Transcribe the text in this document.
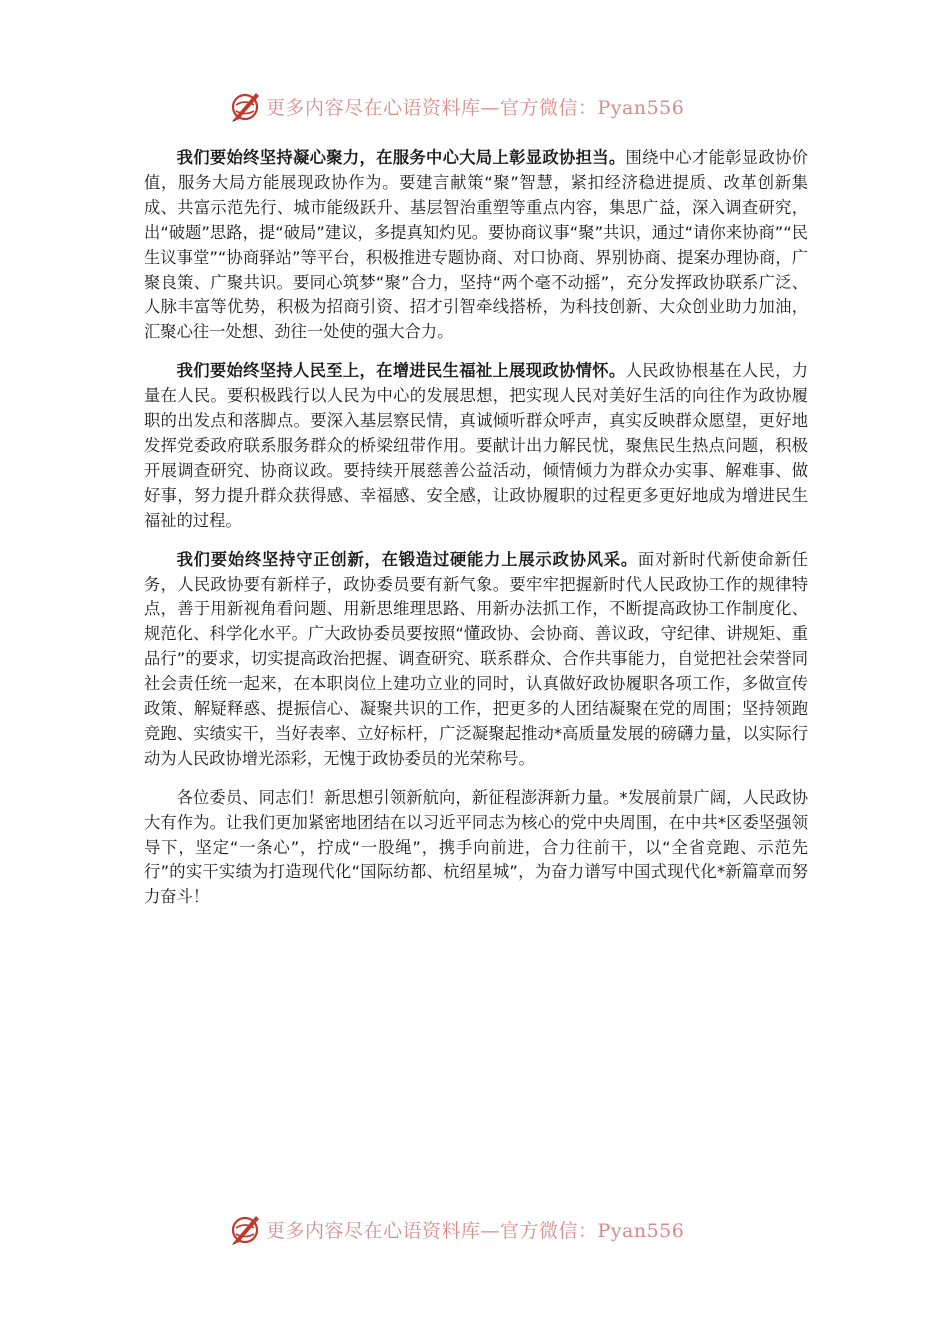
更多内容尽在心语资料库—官方微信：Pyan556

我们要始终坚持凝心聚力，在服务中心大局上彰显政协担当。围绕中心才能彰显政协价值，服务大局方能展现政协作为。要建言献策“聚”智慧，紧扣经济稳进提质、改革创新集成、共富示范先行、城市能级跃升、基层智治重塑等重点内容，集思广益，深入调查研究，出“破题”思路，提“破局”建议，多提真知灼见。要协商议事“聚”共识，通过“请你来协商”“民生议事堂”“协商驿站”等平台，积极推进专题协商、对口协商、界别协商、提案办理协商，广聚良策、广聚共识。要同心筑梦“聚”合力，坚持“两个毫不动摇”，充分发挥政协联系广泛、人脉丰富等优势，积极为招商引资、招才引智牵线搭桥，为科技创新、大众创业助力加油，汇聚心往一处想、劲往一处使的强大合力。

我们要始终坚持人民至上，在增进民生福祉上展现政协情怀。人民政协根基在人民，力量在人民。要积极践行以人民为中心的发展思想，把实现人民对美好生活的向往作为政协履职的出发点和落脚点。要深入基层察民情，真诚倾听群众呼声，真实反映群众愿望，更好地发挥党委政府联系服务群众的桥梁纽带作用。要献计出力解民忧，聚焦民生热点问题，积极开展调查研究、协商议政。要持续开展慈善公益活动，倾情倾力为群众办实事、解难事、做好事，努力提升群众获得感、幸福感、安全感，让政协履职的过程更多更好地成为增进民生福祉的过程。

我们要始终坚持守正创新，在锻造过硬能力上展示政协风采。面对新时代新使命新任务，人民政协要有新样子，政协委员要有新气象。要牢牢把握新时代人民政协工作的规律特点，善于用新视角看问题、用新思维理思路、用新办法抓工作，不断提高政协工作制度化、规范化、科学化水平。广大政协委员要按照“懂政协、会协商、善议政，守纪律、讲规矩、重品行”的要求，切实提高政治把握、调查研究、联系群众、合作共事能力，自觉把社会荣誉同社会责任统一起来，在本职岗位上建功立业的同时，认真做好政协履职各项工作，多做宣传政策、解疑释惑、提振信心、凝聚共识的工作，把更多的人团结凝聚在党的周围；坚持领跑竞跑、实绩实干，当好表率、立好标杆，广泛凝聚起推动*高质量发展的磅礴力量，以实际行动为人民政协增光添彩，无愧于政协委员的光荣称号。

各位委员、同志们！新思想引领新航向，新征程澎湃新力量。*发展前景广阔，人民政协大有作为。让我们更加紧密地团结在以习近平同志为核心的党中央周围，在中共*区委坚强领导下，坚定“一条心”，拧成“一股绳”，携手向前进，合力往前干，以“全省竞跑、示范先行”的实干实绩为打造现代化“国际纺都、杭绍星城”，为奋力谱写中国式现代化*新篇章而努力奋斗！

更多内容尽在心语资料库—官方微信：Pyan556
